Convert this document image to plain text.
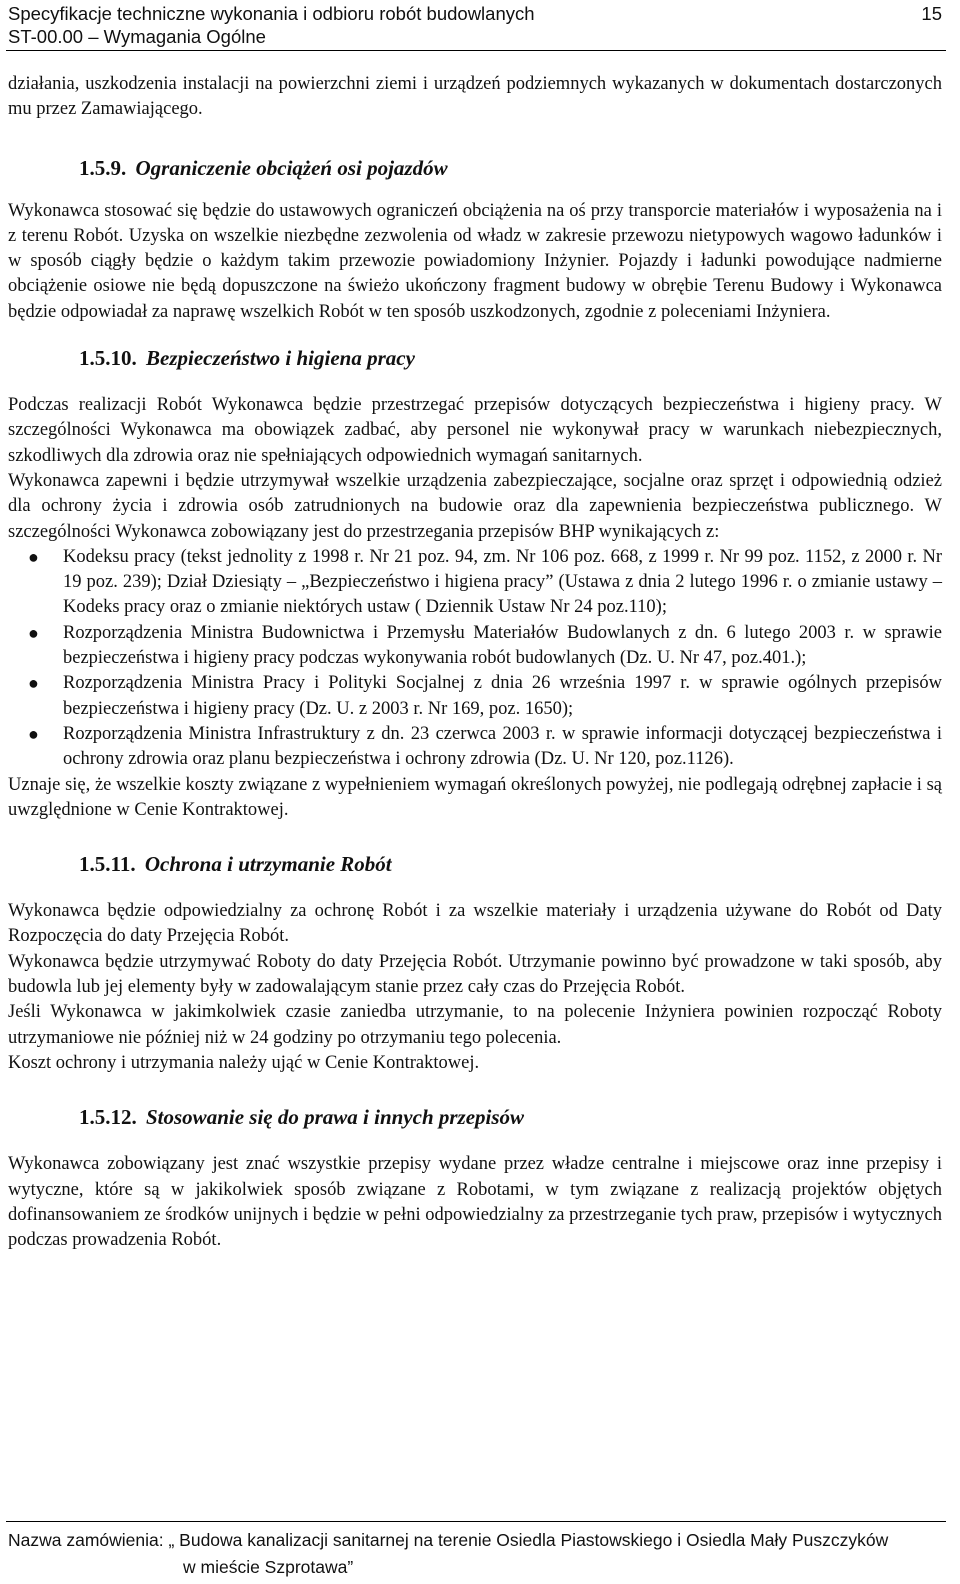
Specyfikacje techniczne wykonania i odbioru robót budowlanych
ST-00.00 – Wymagania Ogólne
15

działania, uszkodzenia instalacji na powierzchni ziemi i urządzeń podziemnych wykazanych w dokumentach dostarczonych mu przez Zamawiającego.

1.5.9. Ograniczenie obciążeń osi pojazdów

Wykonawca stosować się będzie do ustawowych ograniczeń obciążenia na oś przy transporcie materiałów i wyposażenia na i z terenu Robót. Uzyska on wszelkie niezbędne zezwolenia od władz w zakresie przewozu nietypowych wagowo ładunków i w sposób ciągły będzie o każdym takim przewozie powiadomiony Inżynier. Pojazdy i ładunki powodujące nadmierne obciążenie osiowe nie będą dopuszczone na świeżo ukończony fragment budowy w obrębie Terenu Budowy i Wykonawca będzie odpowiadał za naprawę wszelkich Robót w ten sposób uszkodzonych, zgodnie z poleceniami Inżyniera.

1.5.10. Bezpieczeństwo i higiena pracy

Podczas realizacji Robót Wykonawca będzie przestrzegać przepisów dotyczących bezpieczeństwa i higieny pracy. W szczególności Wykonawca ma obowiązek zadbać, aby personel nie wykonywał pracy w warunkach niebezpiecznych, szkodliwych dla zdrowia oraz nie spełniających odpowiednich wymagań sanitarnych.

Wykonawca zapewni i będzie utrzymywał wszelkie urządzenia zabezpieczające, socjalne oraz sprzęt i odpowiednią odzież dla ochrony życia i zdrowia osób zatrudnionych na budowie oraz dla zapewnienia bezpieczeństwa publicznego. W szczególności Wykonawca zobowiązany jest do przestrzegania przepisów BHP wynikających z:

● Kodeksu pracy (tekst jednolity z 1998 r. Nr 21 poz. 94, zm. Nr 106 poz. 668, z 1999 r. Nr 99 poz. 1152, z 2000 r. Nr 19 poz. 239); Dział Dziesiąty – „Bezpieczeństwo i higiena pracy” (Ustawa z dnia 2 lutego 1996 r. o zmianie ustawy – Kodeks pracy oraz o zmianie niektórych ustaw ( Dziennik Ustaw Nr 24 poz.110);
● Rozporządzenia Ministra Budownictwa i Przemysłu Materiałów Budowlanych z dn. 6 lutego 2003 r. w sprawie bezpieczeństwa i higieny pracy podczas wykonywania robót budowlanych (Dz. U. Nr 47, poz.401.);
● Rozporządzenia Ministra Pracy i Polityki Socjalnej z dnia 26 września 1997 r. w sprawie ogólnych przepisów bezpieczeństwa i higieny pracy (Dz. U. z 2003 r. Nr 169, poz. 1650);
● Rozporządzenia Ministra Infrastruktury z dn. 23 czerwca 2003 r. w sprawie informacji dotyczącej bezpieczeństwa i ochrony zdrowia oraz planu bezpieczeństwa i ochrony zdrowia (Dz. U. Nr 120, poz.1126).

Uznaje się, że wszelkie koszty związane z wypełnieniem wymagań określonych powyżej, nie podlegają odrębnej zapłacie i są uwzględnione w Cenie Kontraktowej.

1.5.11. Ochrona i utrzymanie Robót

Wykonawca będzie odpowiedzialny za ochronę Robót i za wszelkie materiały i urządzenia używane do Robót od Daty Rozpoczęcia do daty Przejęcia Robót.

Wykonawca będzie utrzymywać Roboty do daty Przejęcia Robót. Utrzymanie powinno być prowadzone w taki sposób, aby budowla lub jej elementy były w zadowalającym stanie przez cały czas do Przejęcia Robót.

Jeśli Wykonawca w jakimkolwiek czasie zaniedba utrzymanie, to na polecenie Inżyniera powinien rozpocząć Roboty utrzymaniowe nie później niż w 24 godziny po otrzymaniu tego polecenia.

Koszt ochrony i utrzymania należy ująć w Cenie Kontraktowej.

1.5.12. Stosowanie się do prawa i innych przepisów

Wykonawca zobowiązany jest znać wszystkie przepisy wydane przez władze centralne i miejscowe oraz inne przepisy i wytyczne, które są w jakikolwiek sposób związane z Robotami, w tym związane z realizacją projektów objętych dofinansowaniem ze środków unijnych i będzie w pełni odpowiedzialny za przestrzeganie tych praw, przepisów i wytycznych podczas prowadzenia Robót.

Nazwa zamówienia: „ Budowa kanalizacji sanitarnej na terenie Osiedla Piastowskiego i Osiedla Mały Puszczyków
w mieście Szprotawa”
